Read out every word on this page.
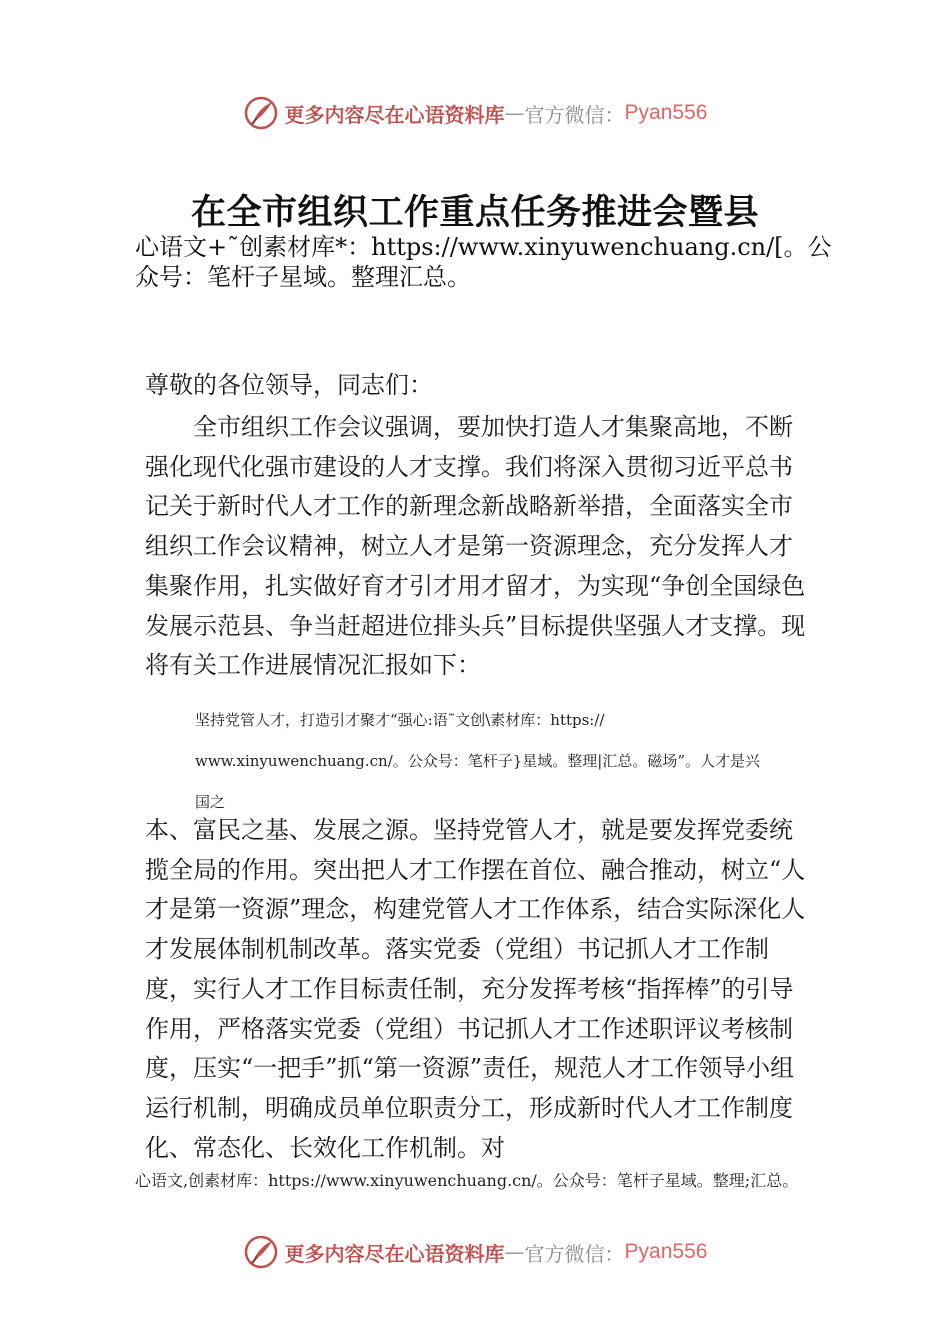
更多内容尽在心语资料库 — 官方微信： Pyan556
在全市组织工作重点任务推进会暨县

心语文+˜创素材库*：https://www.xinyuwenchuang.cn/[。公众号：笔杆子星域。整理汇总。

尊敬的各位领导，同志们：

全市组织工作会议强调，要加快打造人才集聚高地，不断强化现代化强市建设的人才支撑。我们将深入贯彻习近平总书记关于新时代人才工作的新理念新战略新举措，全面落实全市组织工作会议精神，树立人才是第一资源理念，充分发挥人才集聚作用，扎实做好育才引才用才留才，为实现“争创全国绿色发展示范县、争当赶超进位排头兵”目标提供坚强人才支撑。现将有关工作进展情况汇报如下：

坚持党管人才，打造引才聚才“强心:语˜文创\素材库：https://
www.xinyuwenchuang.cn/。公众号：笔杆子}星域。整理|汇总。磁场”。人才是兴
国之

本、富民之基、发展之源。坚持党管人才，就是要发挥党委统揽全局的作用。突出把人才工作摆在首位、融合推动，树立“人才是第一资源”理念，构建党管人才工作体系，结合实际深化人才发展体制机制改革。落实党委（党组）书记抓人才工作制度，实行人才工作目标责任制，充分发挥考核“指挥棒”的引导作用，严格落实党委（党组）书记抓人才工作述职评议考核制度，压实“一把手”抓“第一资源”责任，规范人才工作领导小组运行机制，明确成员单位职责分工，形成新时代人才工作制度化、常态化、长效化工作机制。对

心语文,创素材库：https://www.xinyuwenchuang.cn/。公众号：笔杆子星域。整理;汇总。

更多内容尽在心语资料库 — 官方微信： Pyan556
